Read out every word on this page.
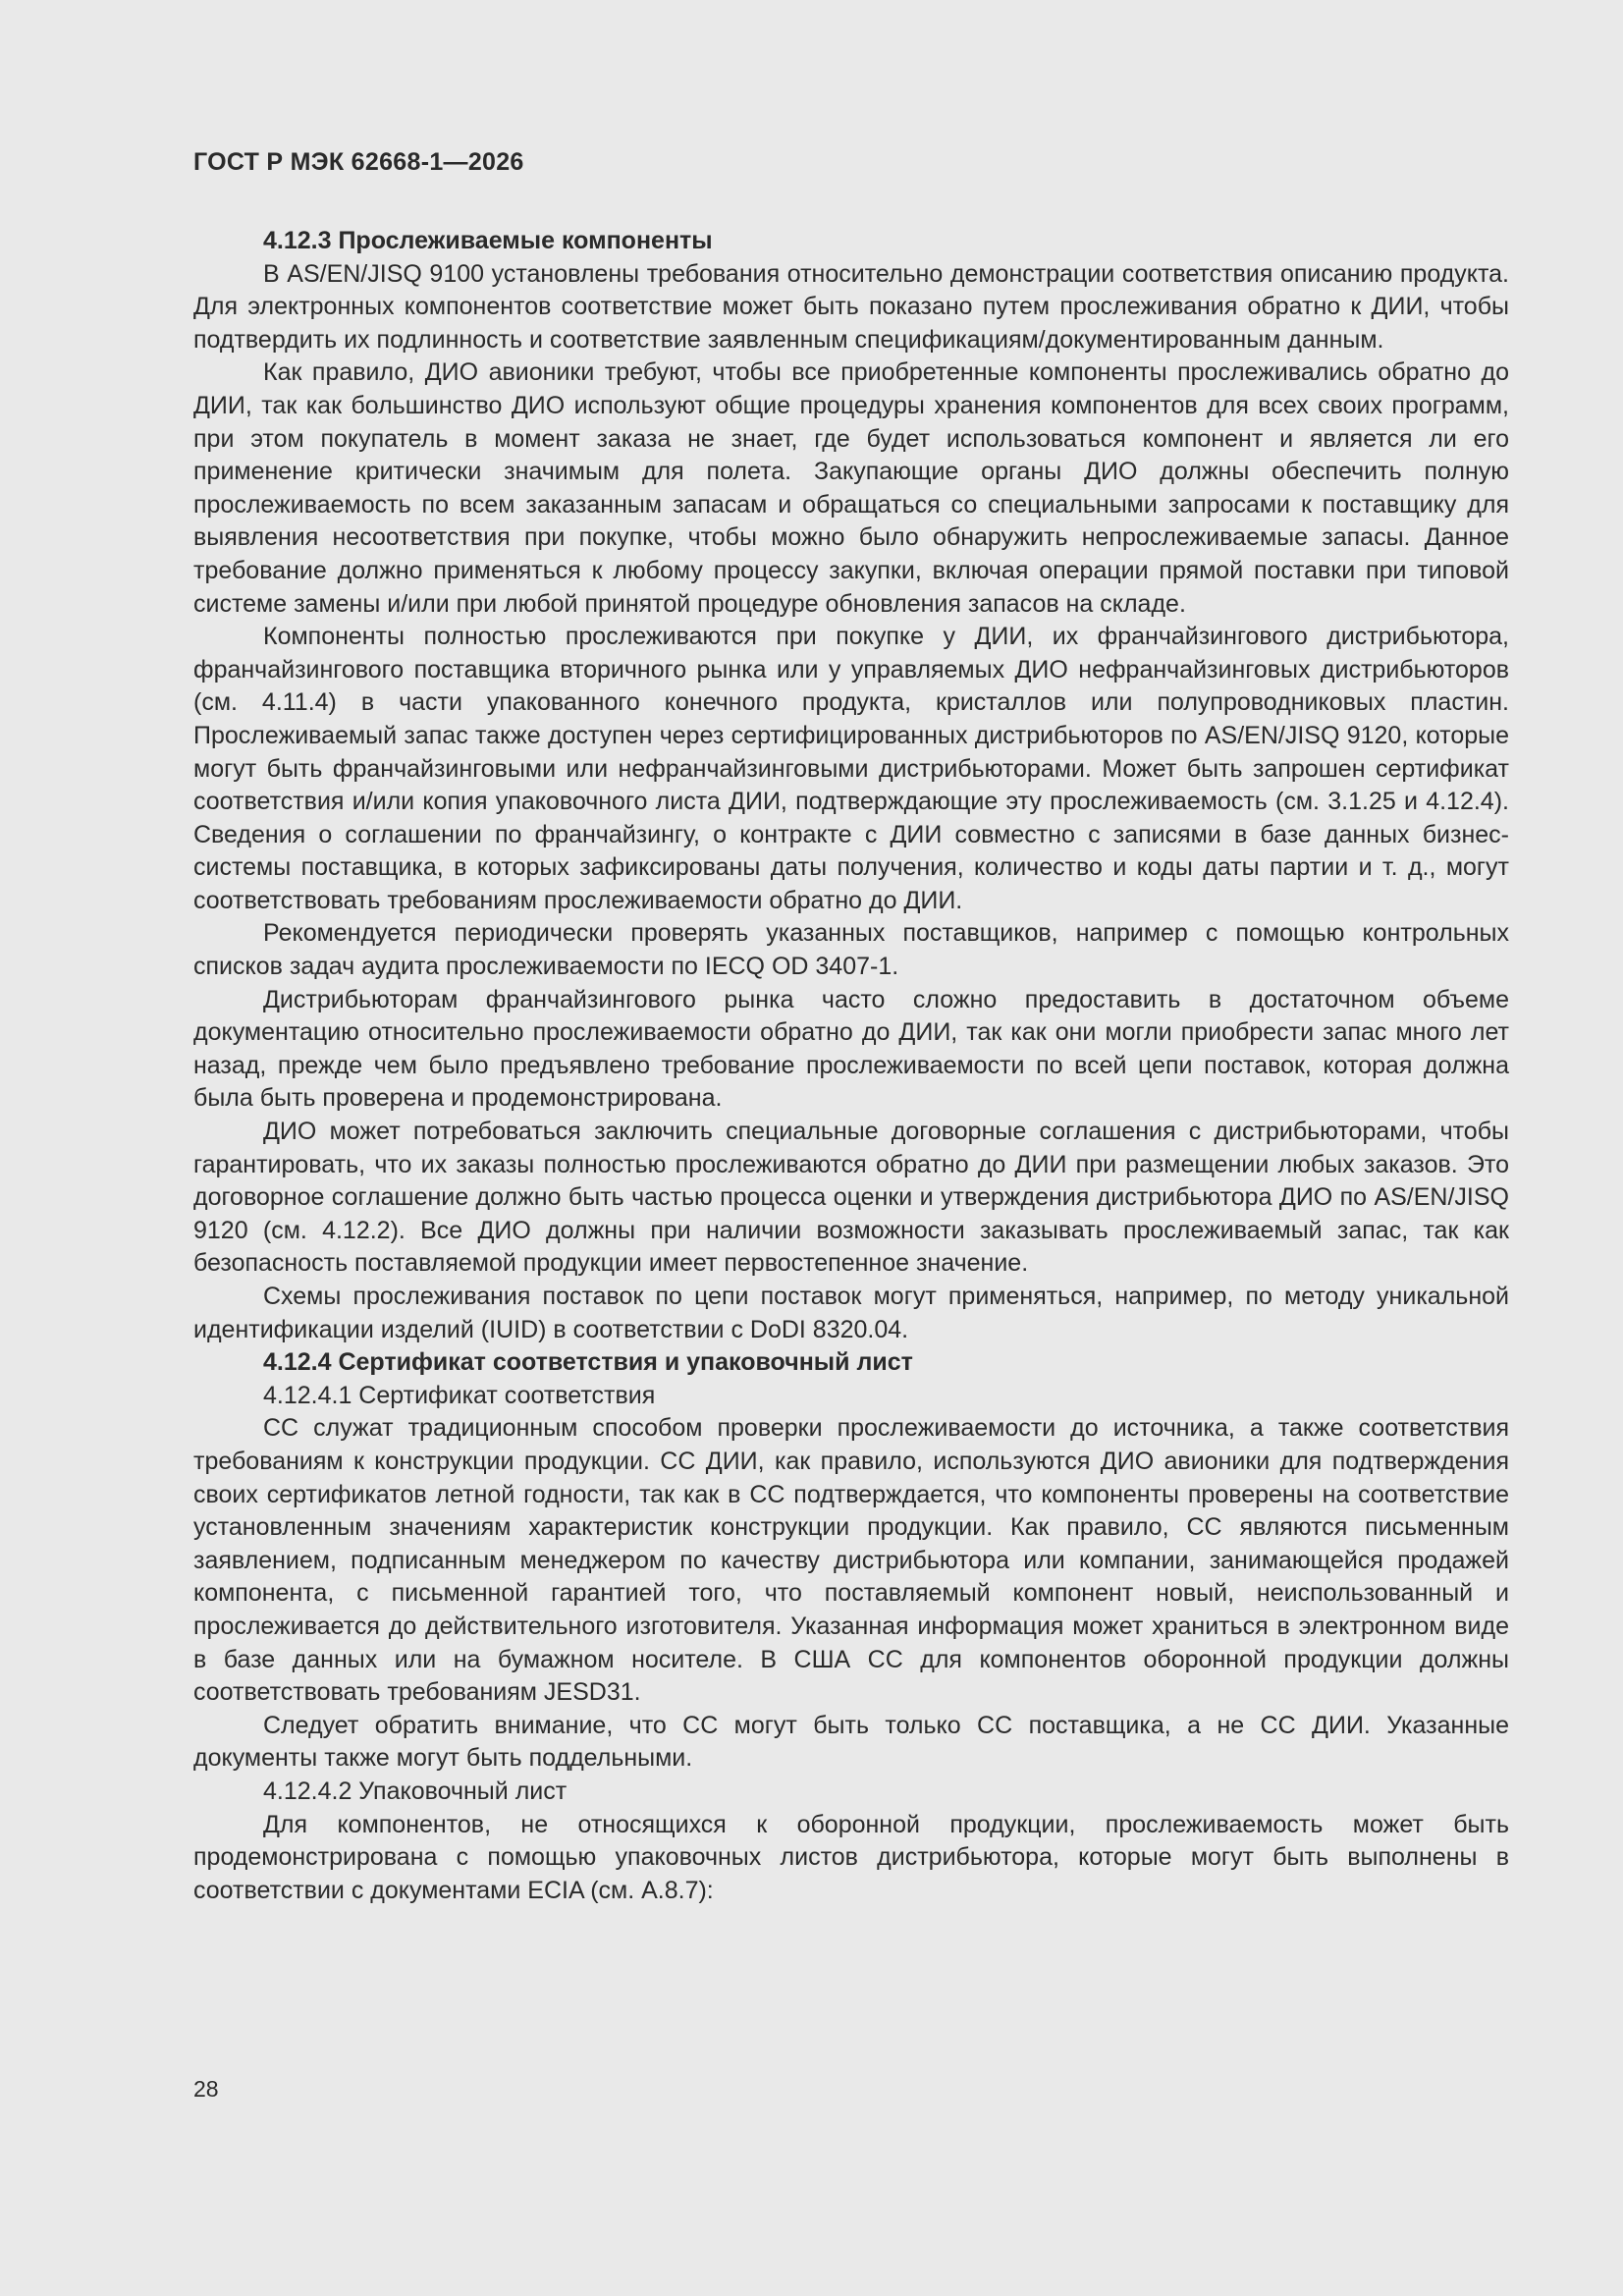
ГОСТ Р МЭК 62668-1—2026

4.12.3 Прослеживаемые компоненты

В AS/EN/JISQ 9100 установлены требования относительно демонстрации соответствия описанию продукта. Для электронных компонентов соответствие может быть показано путем прослеживания обратно к ДИИ, чтобы подтвердить их подлинность и соответствие заявленным спецификациям/документированным данным.

Как правило, ДИО авионики требуют, чтобы все приобретенные компоненты прослеживались обратно до ДИИ, так как большинство ДИО используют общие процедуры хранения компонентов для всех своих программ, при этом покупатель в момент заказа не знает, где будет использоваться компонент и является ли его применение критически значимым для полета. Закупающие органы ДИО должны обеспечить полную прослеживаемость по всем заказанным запасам и обращаться со специальными запросами к поставщику для выявления несоответствия при покупке, чтобы можно было обнаружить непрослеживаемые запасы. Данное требование должно применяться к любому процессу закупки, включая операции прямой поставки при типовой системе замены и/или при любой принятой процедуре обновления запасов на складе.

Компоненты полностью прослеживаются при покупке у ДИИ, их франчайзингового дистрибьютора, франчайзингового поставщика вторичного рынка или у управляемых ДИО нефранчайзинговых дистрибьюторов (см. 4.11.4) в части упакованного конечного продукта, кристаллов или полупроводниковых пластин. Прослеживаемый запас также доступен через сертифицированных дистрибьюторов по AS/EN/JISQ 9120, которые могут быть франчайзинговыми или нефранчайзинговыми дистрибьюторами. Может быть запрошен сертификат соответствия и/или копия упаковочного листа ДИИ, подтверждающие эту прослеживаемость (см. 3.1.25 и 4.12.4). Сведения о соглашении по франчайзингу, о контракте с ДИИ совместно с записями в базе данных бизнес-системы поставщика, в которых зафиксированы даты получения, количество и коды даты партии и т. д., могут соответствовать требованиям прослеживаемости обратно до ДИИ.

Рекомендуется периодически проверять указанных поставщиков, например с помощью контрольных списков задач аудита прослеживаемости по IECQ OD 3407-1.

Дистрибьюторам франчайзингового рынка часто сложно предоставить в достаточном объеме документацию относительно прослеживаемости обратно до ДИИ, так как они могли приобрести запас много лет назад, прежде чем было предъявлено требование прослеживаемости по всей цепи поставок, которая должна была быть проверена и продемонстрирована.

ДИО может потребоваться заключить специальные договорные соглашения с дистрибьюторами, чтобы гарантировать, что их заказы полностью прослеживаются обратно до ДИИ при размещении любых заказов. Это договорное соглашение должно быть частью процесса оценки и утверждения дистрибьютора ДИО по AS/EN/JISQ 9120 (см. 4.12.2). Все ДИО должны при наличии возможности заказывать прослеживаемый запас, так как безопасность поставляемой продукции имеет первостепенное значение.

Схемы прослеживания поставок по цепи поставок могут применяться, например, по методу уникальной идентификации изделий (IUID) в соответствии с DoDI 8320.04.

4.12.4 Сертификат соответствия и упаковочный лист

4.12.4.1 Сертификат соответствия

СС служат традиционным способом проверки прослеживаемости до источника, а также соответствия требованиям к конструкции продукции. СС ДИИ, как правило, используются ДИО авионики для подтверждения своих сертификатов летной годности, так как в СС подтверждается, что компоненты проверены на соответствие установленным значениям характеристик конструкции продукции. Как правило, СС являются письменным заявлением, подписанным менеджером по качеству дистрибьютора или компании, занимающейся продажей компонента, с письменной гарантией того, что поставляемый компонент новый, неиспользованный и прослеживается до действительного изготовителя. Указанная информация может храниться в электронном виде в базе данных или на бумажном носителе. В США СС для компонентов оборонной продукции должны соответствовать требованиям JESD31.

Следует обратить внимание, что СС могут быть только СС поставщика, а не СС ДИИ. Указанные документы также могут быть поддельными.

4.12.4.2 Упаковочный лист

Для компонентов, не относящихся к оборонной продукции, прослеживаемость может быть продемонстрирована с помощью упаковочных листов дистрибьютора, которые могут быть выполнены в соответствии с документами ECIA (см. А.8.7):

28
